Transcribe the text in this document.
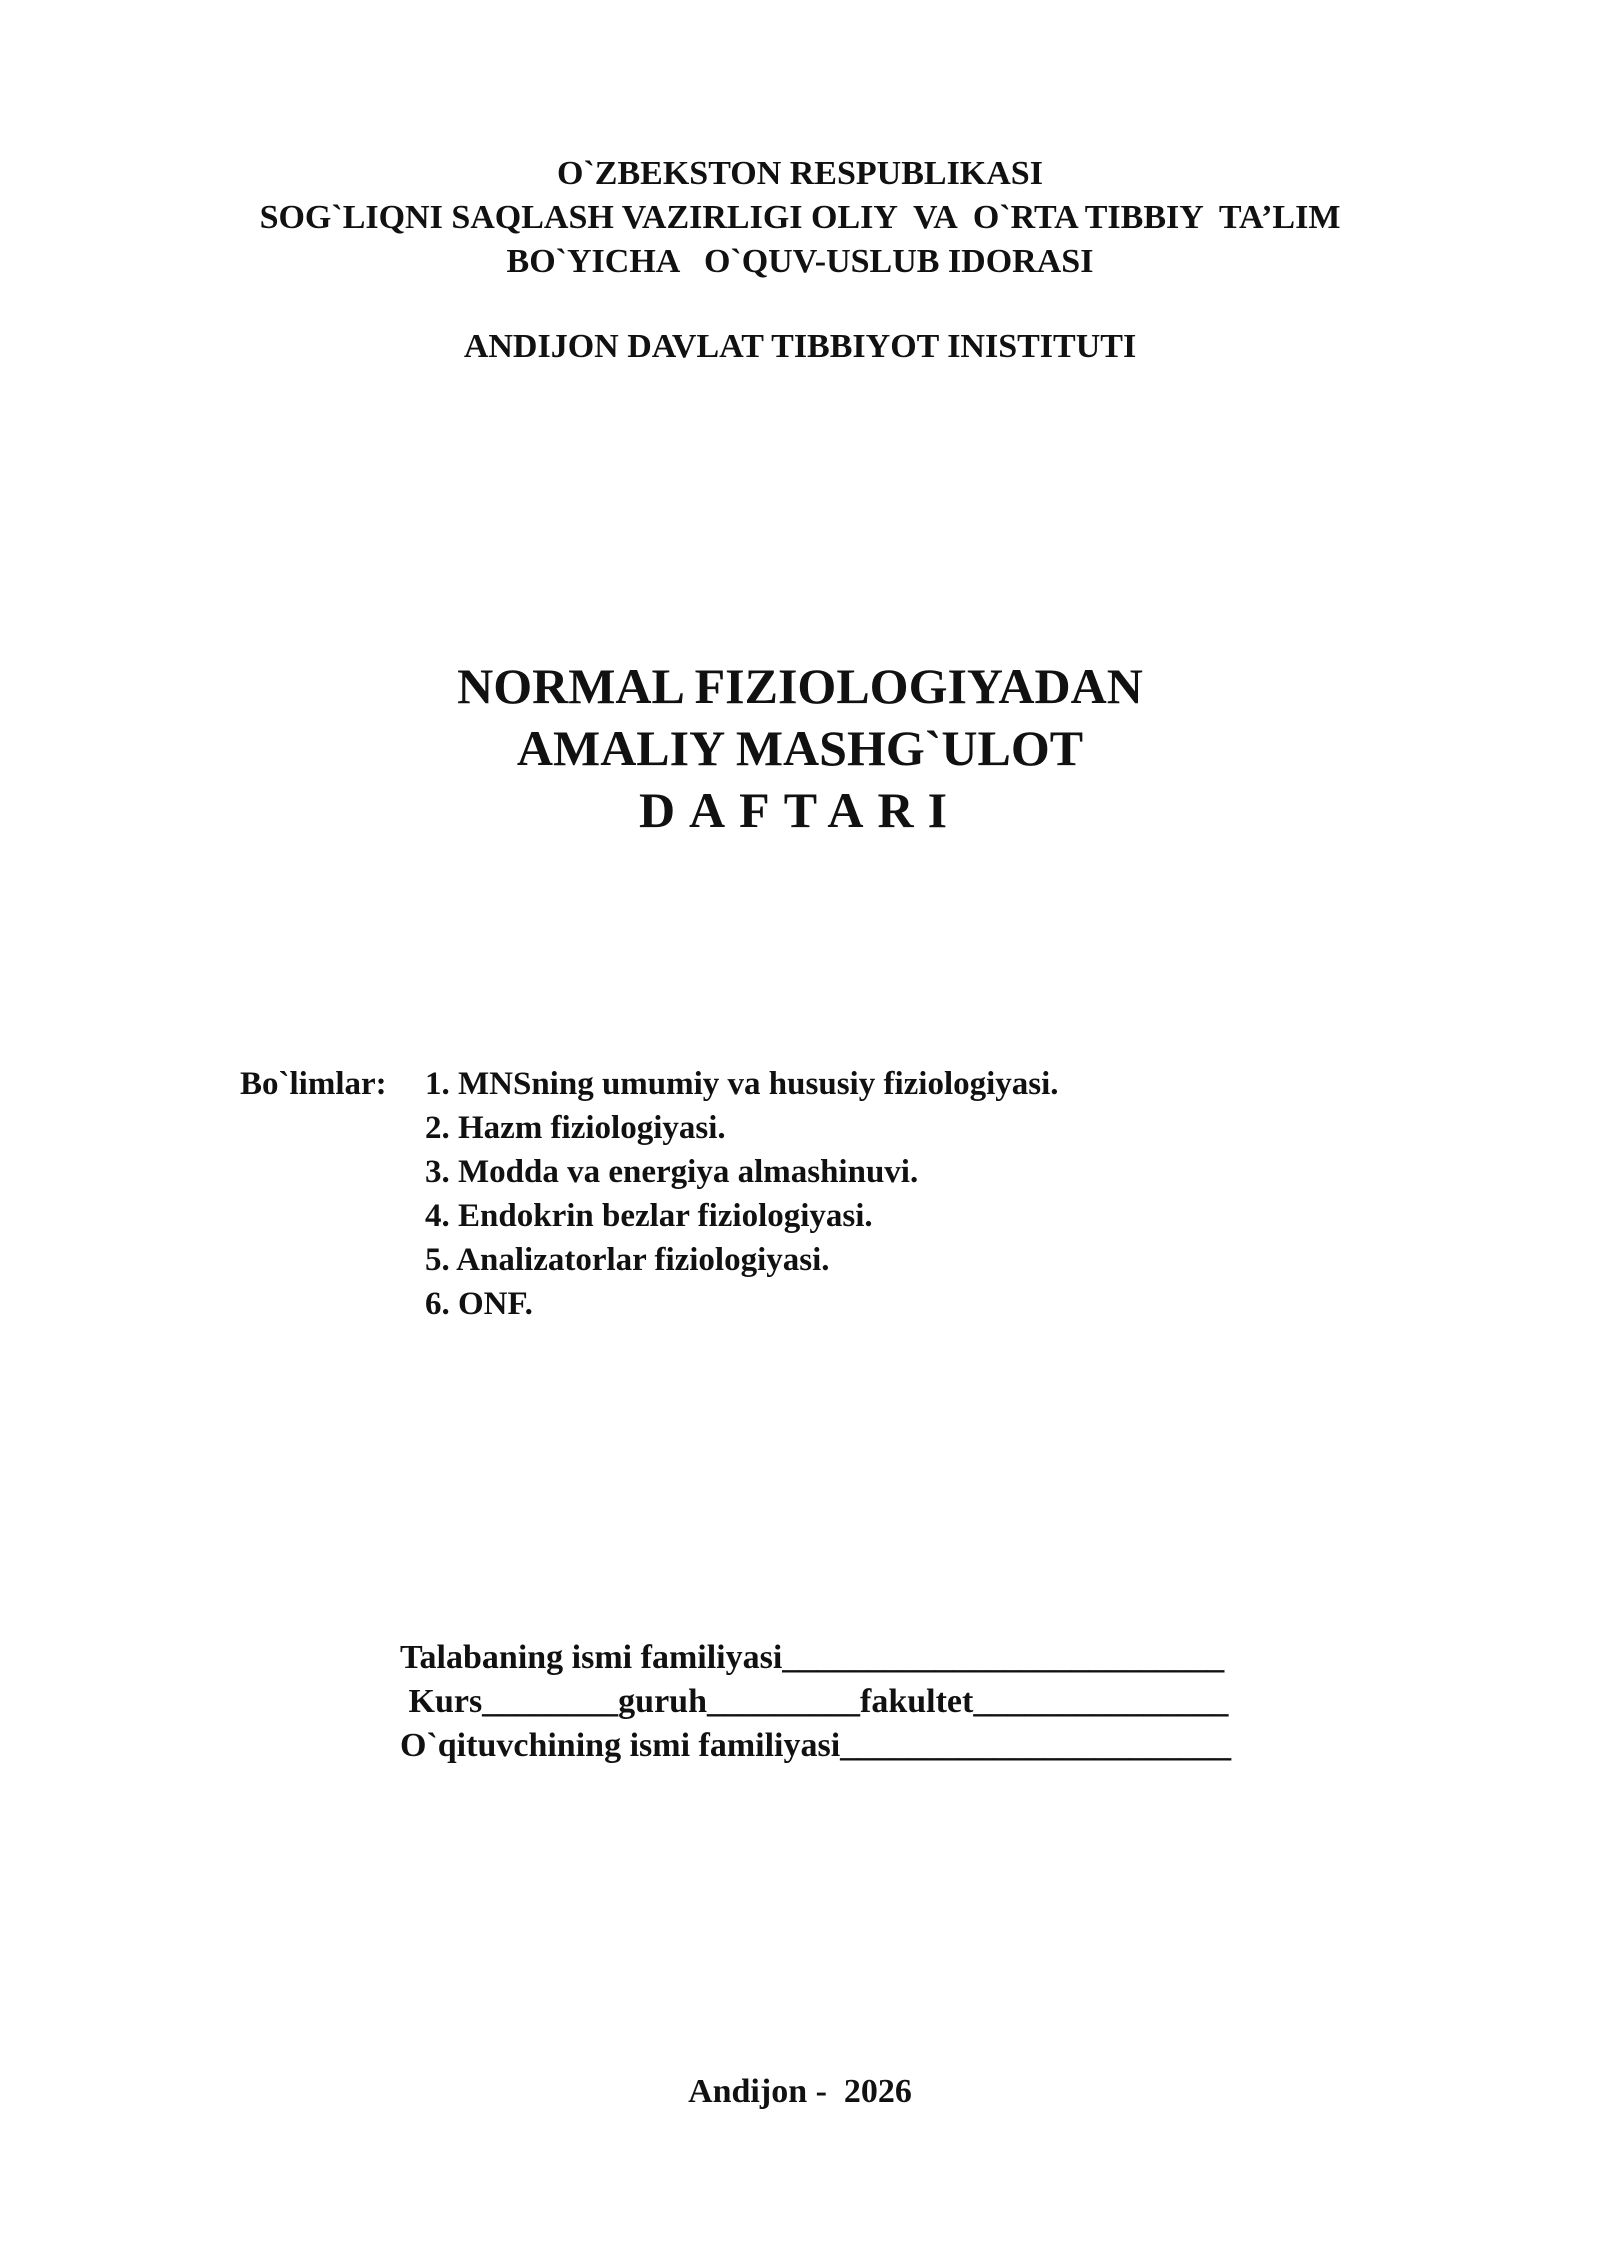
O`ZBEKSTON RESPUBLIKASI
SOG`LIQNI SAQLASH VAZIRLIGI OLIY  VA  O`RTA TIBBIY  TA’LIM
BO`YICHA   O`QUV-USLUB IDORASI
ANDIJON DAVLAT TIBBIYOT INISTITUTI
NORMAL FIZIOLOGIYADAN
AMALIY MASHG`ULOT
DAFTARI
Bo`limlar:	1. MNSning umumiy va hususiy fiziologiyasi.
2. Hazm fiziologiyasi.
3. Modda va energiya almashinuvi.
4. Endokrin bezlar fiziologiyasi.
5. Analizatorlar fiziologiyasi.
6. ONF.
Talabaning ismi familiyasi__________________________
Kurs________guruh_________fakultet_______________
O`qituvchining ismi familiyasi_______________________
Andijon -  2026
